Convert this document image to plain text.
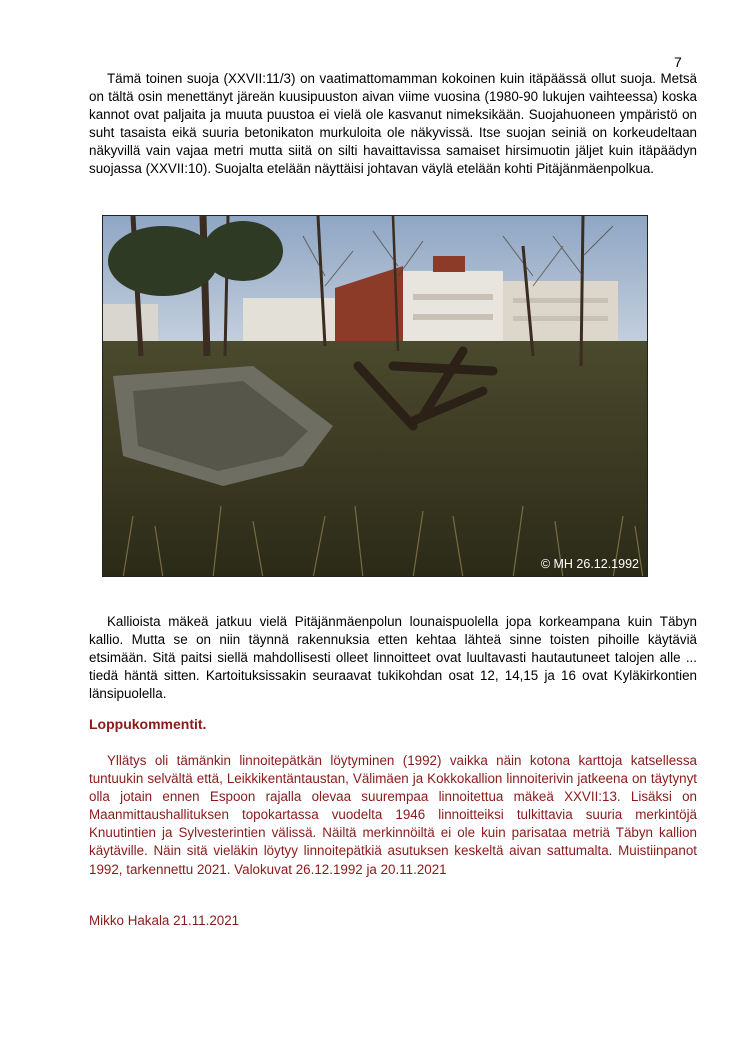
7

Tämä toinen suoja (XXVII:11/3) on vaatimattomamman kokoinen kuin itäpäässä ollut suoja. Metsä on tältä osin menettänyt järeän kuusipuuston aivan viime vuosina (1980-90 lukujen vaihteessa) koska kannot ovat paljaita ja muuta puustoa ei vielä ole kasvanut nimeksikään. Suojahuoneen ympäristö on suht tasaista eikä suuria betonikaton murkuloita ole näkyvissä. Itse suojan seiniä on korkeudeltaan näkyvillä vain vajaa metri mutta siitä on silti havaittavissa samaiset hirsimuotin jäljet kuin itäpäädyn suojassa (XXVII:10). Suojalta etelään näyttäisi johtavan väylä etelään kohti Pitäjänmäenpolkua.

© MH 26.12.1992

Kallioista mäkeä jatkuu vielä Pitäjänmäenpolun lounaispuolella jopa korkeampana kuin Täbyn kallio. Mutta se on niin täynnä rakennuksia etten kehtaa lähteä sinne toisten pihoille käytäviä etsimään. Sitä paitsi siellä mahdollisesti olleet linnoitteet ovat luultavasti hautautuneet talojen alle ... tiedä häntä sitten. Kartoituksissakin seuraavat tukikohdan osat 12, 14,15 ja 16 ovat Kyläkirkontien länsipuolella.

Loppukommentit.

Yllätys oli tämänkin linnoitepätkän löytyminen (1992) vaikka näin kotona karttoja katsellessa tuntuukin selvältä että, Leikkikentäntaustan, Välimäen ja Kokkokallion linnoiterivin jatkeena on täytynyt olla jotain ennen Espoon rajalla olevaa suurempaa linnoitettua mäkeä XXVII:13. Lisäksi on Maanmittaushallituksen topokartassa vuodelta 1946 linnoitteiksi tulkittavia suuria merkintöjä Knuutintien ja Sylvesterintien välissä. Näiltä merkinnöiltä ei ole kuin parisataa metriä Täbyn kallion käytäville. Näin sitä vieläkin löytyy linnoitepätkiä asutuksen keskeltä aivan sattumalta. Muistiinpanot 1992, tarkennettu 2021. Valokuvat 26.12.1992 ja 20.11.2021

Mikko Hakala 21.11.2021
